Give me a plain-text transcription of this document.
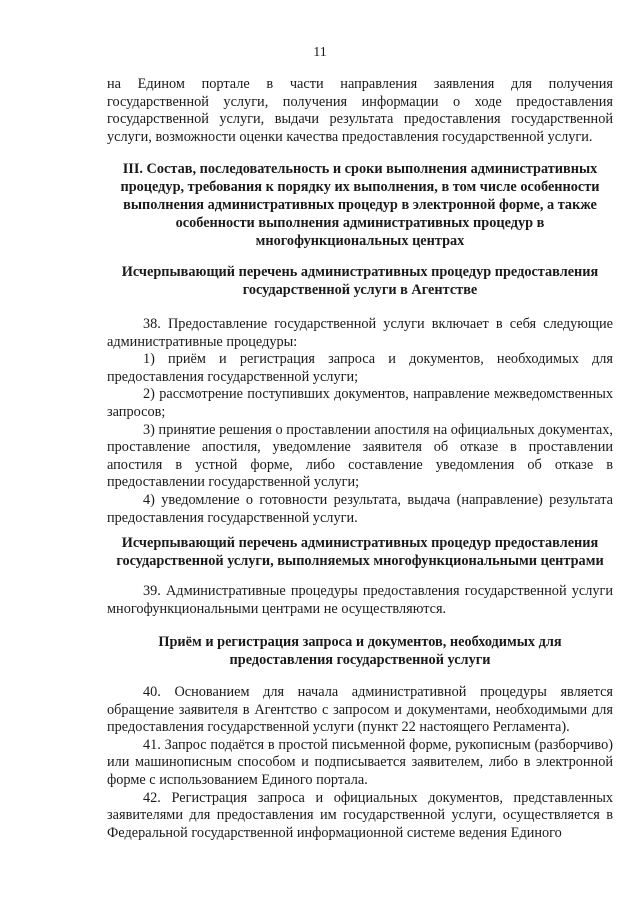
11

на Едином портале в части направления заявления для получения государственной услуги, получения информации о ходе предоставления государственной услуги, выдачи результата предоставления государственной услуги, возможности оценки качества предоставления государственной услуги.

III. Состав, последовательность и сроки выполнения административных процедур, требования к порядку их выполнения, в том числе особенности выполнения административных процедур в электронной форме, а также особенности выполнения административных процедур в многофункциональных центрах

Исчерпывающий перечень административных процедур предоставления государственной услуги в Агентстве

38. Предоставление государственной услуги включает в себя следующие административные процедуры:

1) приём и регистрация запроса и документов, необходимых для предоставления государственной услуги;

2) рассмотрение поступивших документов, направление межведомственных запросов;

3) принятие решения о проставлении апостиля на официальных документах, проставление апостиля, уведомление заявителя об отказе в проставлении апостиля в устной форме, либо составление уведомления об отказе в предоставлении государственной услуги;

4) уведомление о готовности результата, выдача (направление) результата предоставления государственной услуги.

Исчерпывающий перечень административных процедур предоставления государственной услуги, выполняемых многофункциональными центрами

39. Административные процедуры предоставления государственной услуги многофункциональными центрами не осуществляются.

Приём и регистрация запроса и документов, необходимых для предоставления государственной услуги

40. Основанием для начала административной процедуры является обращение заявителя в Агентство с запросом и документами, необходимыми для предоставления государственной услуги (пункт 22 настоящего Регламента).

41. Запрос подаётся в простой письменной форме, рукописным (разборчиво) или машинописным способом и подписывается заявителем, либо в электронной форме с использованием Единого портала.

42. Регистрация запроса и официальных документов, представленных заявителями для предоставления им государственной услуги, осуществляется в Федеральной государственной информационной системе ведения Единого
